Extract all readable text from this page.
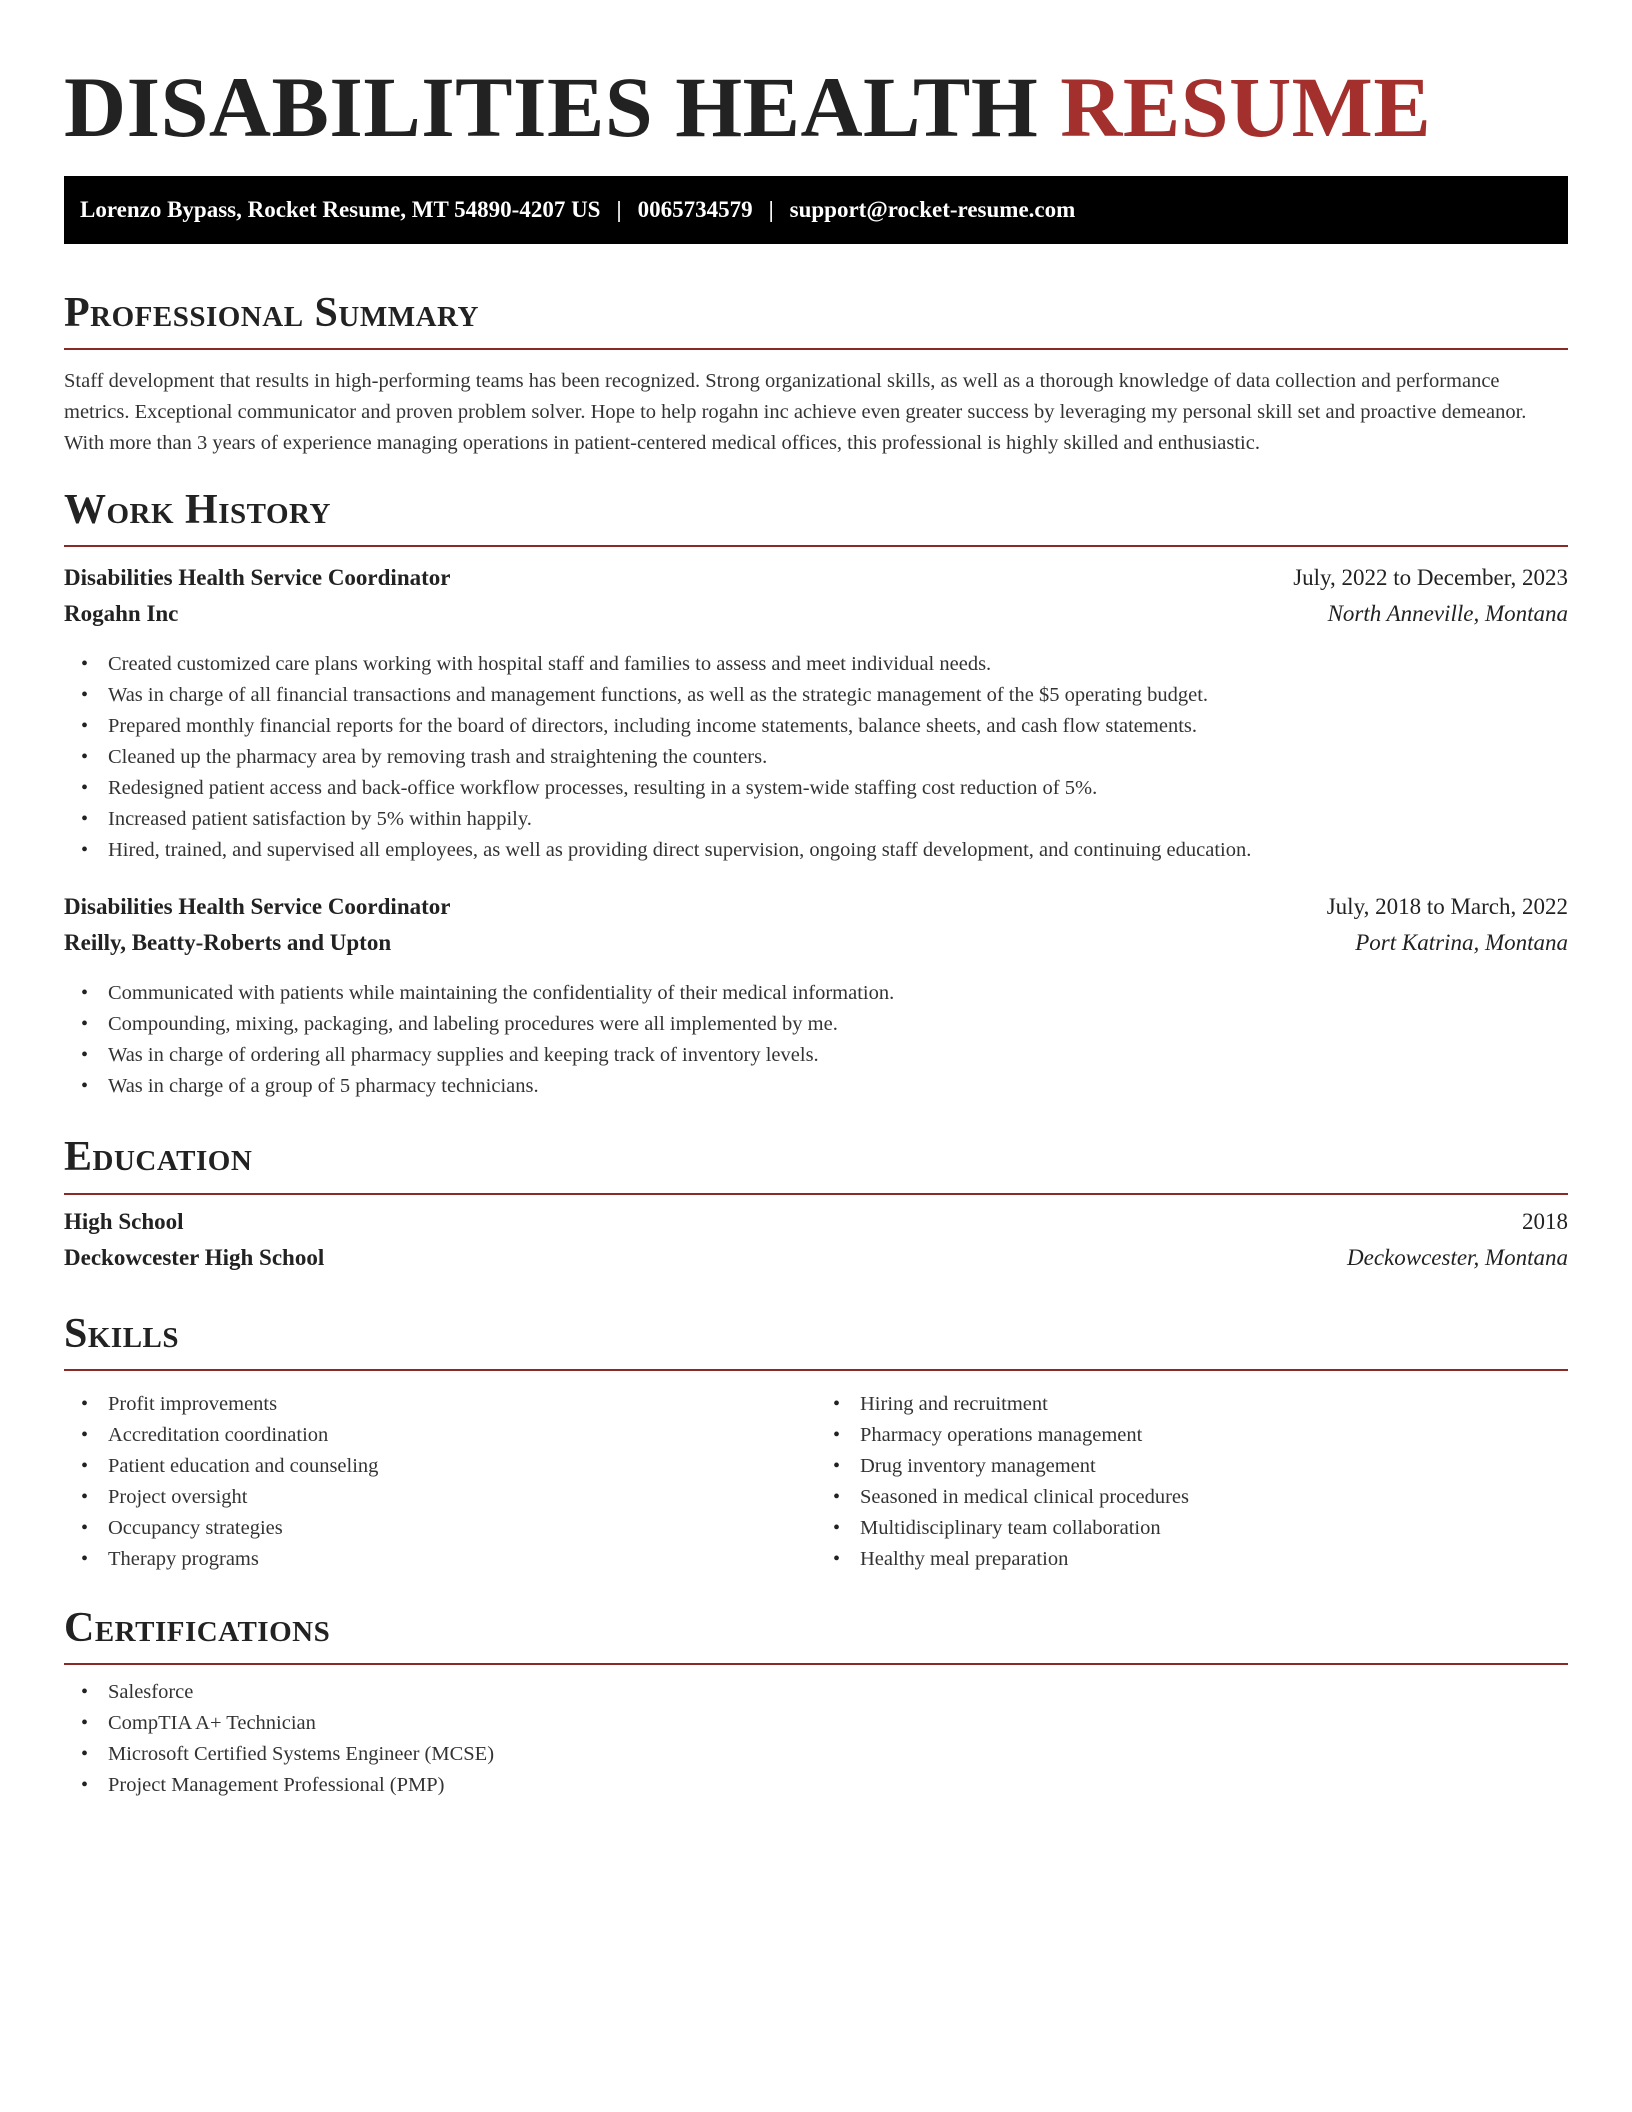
DISABILITIES HEALTH RESUME
Lorenzo Bypass, Rocket Resume, MT 54890-4207 US | 0065734579 | support@rocket-resume.com
Professional Summary

Staff development that results in high-performing teams has been recognized. Strong organizational skills, as well as a thorough knowledge of data collection and performance metrics. Exceptional communicator and proven problem solver. Hope to help rogahn inc achieve even greater success by leveraging my personal skill set and proactive demeanor. With more than 3 years of experience managing operations in patient-centered medical offices, this professional is highly skilled and enthusiastic.

Work History
Disabilities Health Service Coordinator	July, 2022 to December, 2023
Rogahn Inc	North Anneville, Montana
• Created customized care plans working with hospital staff and families to assess and meet individual needs.
• Was in charge of all financial transactions and management functions, as well as the strategic management of the $5 operating budget.
• Prepared monthly financial reports for the board of directors, including income statements, balance sheets, and cash flow statements.
• Cleaned up the pharmacy area by removing trash and straightening the counters.
• Redesigned patient access and back-office workflow processes, resulting in a system-wide staffing cost reduction of 5%.
• Increased patient satisfaction by 5% within happily.
• Hired, trained, and supervised all employees, as well as providing direct supervision, ongoing staff development, and continuing education.
Disabilities Health Service Coordinator	July, 2018 to March, 2022
Reilly, Beatty-Roberts and Upton	Port Katrina, Montana
• Communicated with patients while maintaining the confidentiality of their medical information.
• Compounding, mixing, packaging, and labeling procedures were all implemented by me.
• Was in charge of ordering all pharmacy supplies and keeping track of inventory levels.
• Was in charge of a group of 5 pharmacy technicians.
Education
High School	2018
Deckowcester High School	Deckowcester, Montana
Skills
• Profit improvements
• Accreditation coordination
• Patient education and counseling
• Project oversight
• Occupancy strategies
• Therapy programs
• Hiring and recruitment
• Pharmacy operations management
• Drug inventory management
• Seasoned in medical clinical procedures
• Multidisciplinary team collaboration
• Healthy meal preparation
Certifications
• Salesforce
• CompTIA A+ Technician
• Microsoft Certified Systems Engineer (MCSE)
• Project Management Professional (PMP)
